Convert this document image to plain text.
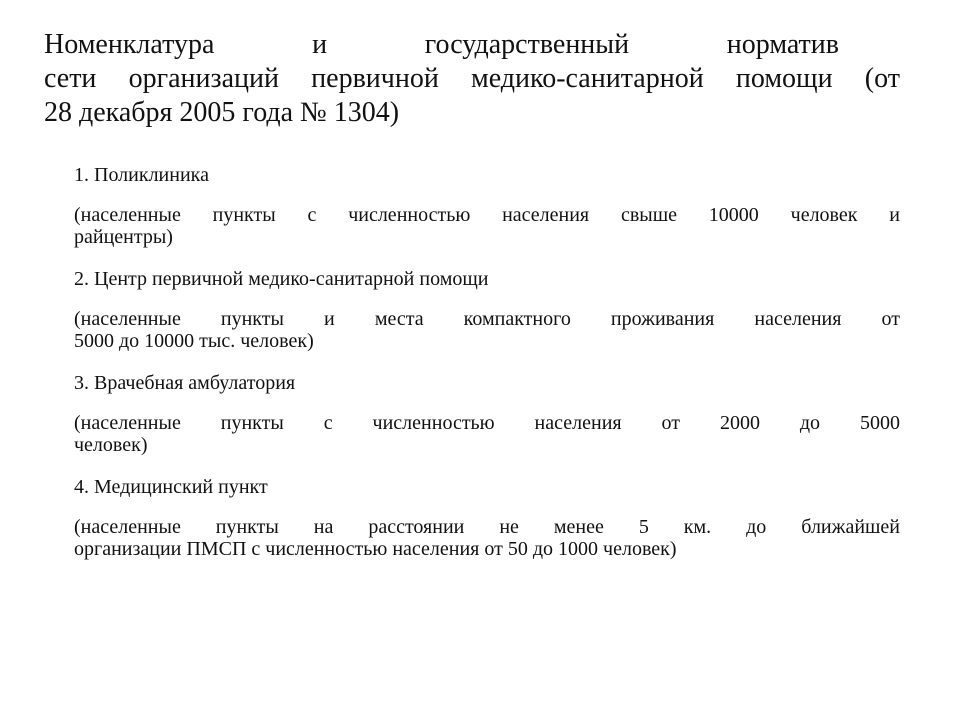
Номенклатура и государственный норматив
сети организаций первичной медико-санитарной помощи (от
28 декабря 2005 года № 1304)

1. Поликлиника

(населенные пункты с численностью населения свыше 10000 человек и
райцентры)

2. Центр первичной медико-санитарной помощи

(населенные пункты и места компактного проживания населения от
5000 до 10000 тыс. человек)

3. Врачебная амбулатория

(населенные пункты с численностью населения от 2000 до 5000
человек)

4. Медицинский пункт

(населенные пункты на расстоянии не менее 5 км. до ближайшей
организации ПМСП с численностью населения от 50 до 1000 человек)
